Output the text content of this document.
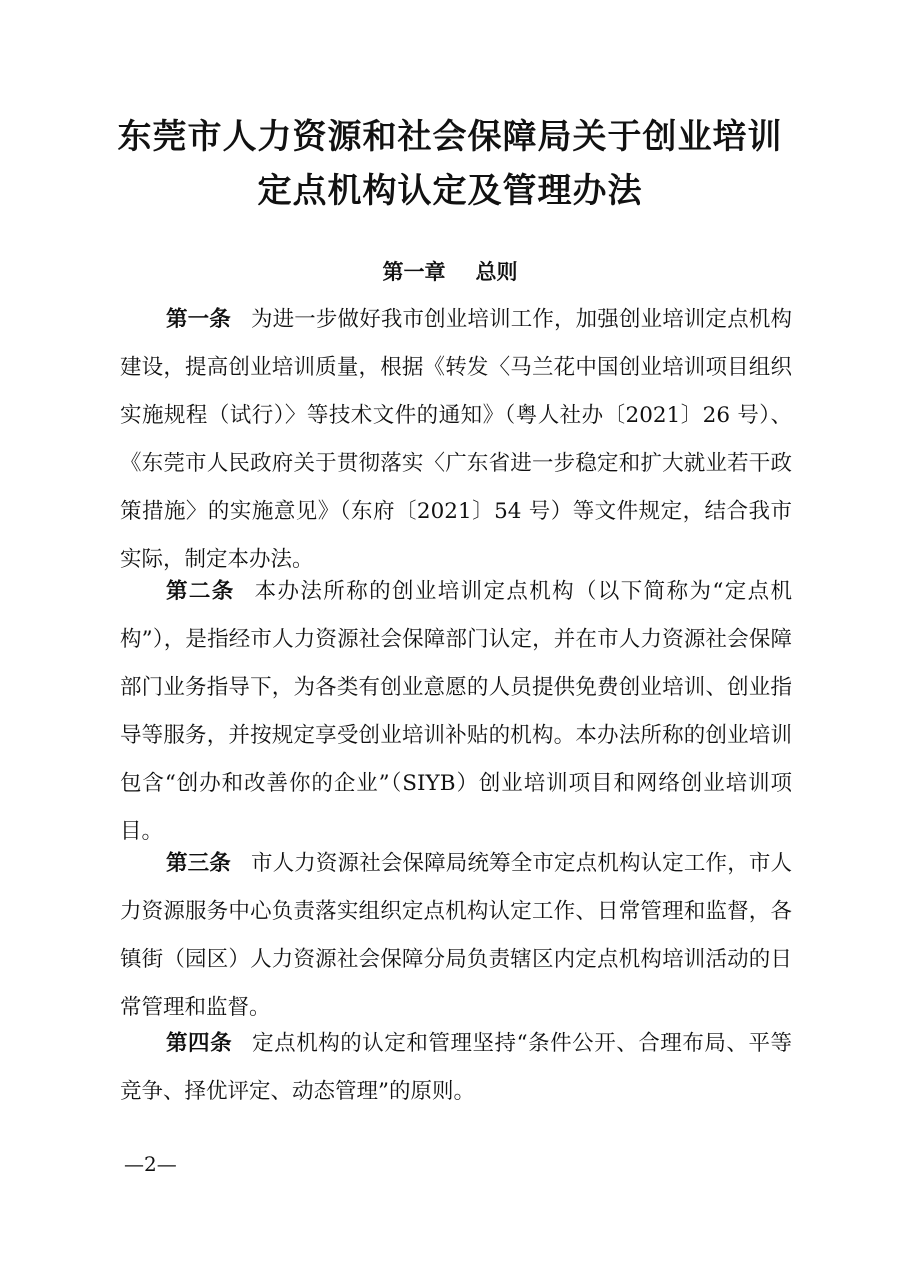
东莞市人力资源和社会保障局关于创业培训
定点机构认定及管理办法
第一章 总则

第一条 为进一步做好我市创业培训工作，加强创业培训定点机构建设，提高创业培训质量，根据《转发〈马兰花中国创业培训项目组织实施规程（试行）〉等技术文件的通知》（粤人社办〔2021〕26 号）、《东莞市人民政府关于贯彻落实〈广东省进一步稳定和扩大就业若干政策措施〉的实施意见》（东府〔2021〕54 号）等文件规定，结合我市实际，制定本办法。

第二条 本办法所称的创业培训定点机构（以下简称为“定点机构”），是指经市人力资源社会保障部门认定，并在市人力资源社会保障部门业务指导下，为各类有创业意愿的人员提供免费创业培训、创业指导等服务，并按规定享受创业培训补贴的机构。本办法所称的创业培训包含“创办和改善你的企业”（SIYB）创业培训项目和网络创业培训项目。

第三条 市人力资源社会保障局统筹全市定点机构认定工作，市人力资源服务中心负责落实组织定点机构认定工作、日常管理和监督，各镇街（园区）人力资源社会保障分局负责辖区内定点机构培训活动的日常管理和监督。

第四条 定点机构的认定和管理坚持“条件公开、合理布局、平等竞争、择优评定、动态管理”的原则。

—2—
